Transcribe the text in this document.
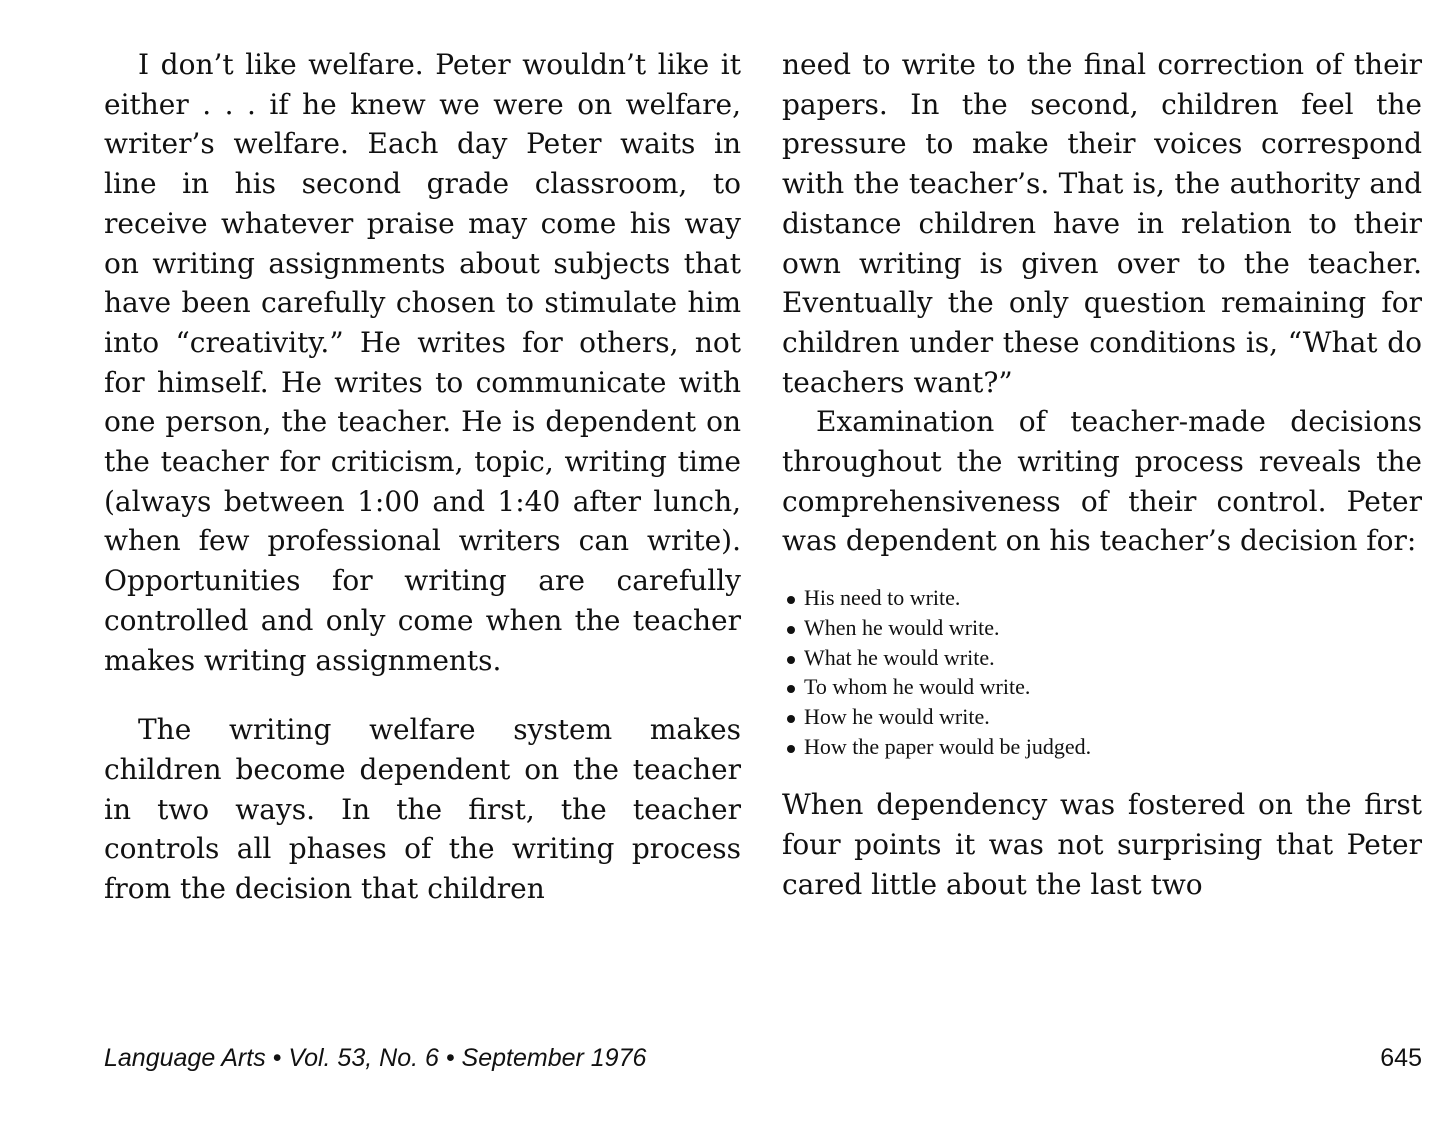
I don’t like welfare. Peter wouldn’t like it either . . . if he knew we were on welfare, writer’s welfare. Each day Peter waits in line in his second grade classroom, to receive whatever praise may come his way on writing assignments about subjects that have been carefully chosen to stimulate him into “creativity.” He writes for others, not for himself. He writes to communicate with one person, the teacher. He is dependent on the teacher for criticism, topic, writing time (always between 1:00 and 1:40 after lunch, when few professional writers can write). Opportunities for writing are carefully controlled and only come when the teacher makes writing assignments.

The writing welfare system makes children become dependent on the teacher in two ways. In the first, the teacher controls all phases of the writing process from the decision that children

need to write to the final correction of their papers. In the second, children feel the pressure to make their voices correspond with the teacher’s. That is, the authority and distance children have in relation to their own writing is given over to the teacher. Eventually the only question remaining for children under these conditions is, “What do teachers want?”

Examination of teacher-made decisions throughout the writing process reveals the comprehensiveness of their control. Peter was dependent on his teacher’s decision for:

His need to write.
When he would write.
What he would write.
To whom he would write.
How he would write.
How the paper would be judged.

When dependency was fostered on the first four points it was not surprising that Peter cared little about the last two

Language Arts • Vol. 53, No. 6 • September 1976	645
